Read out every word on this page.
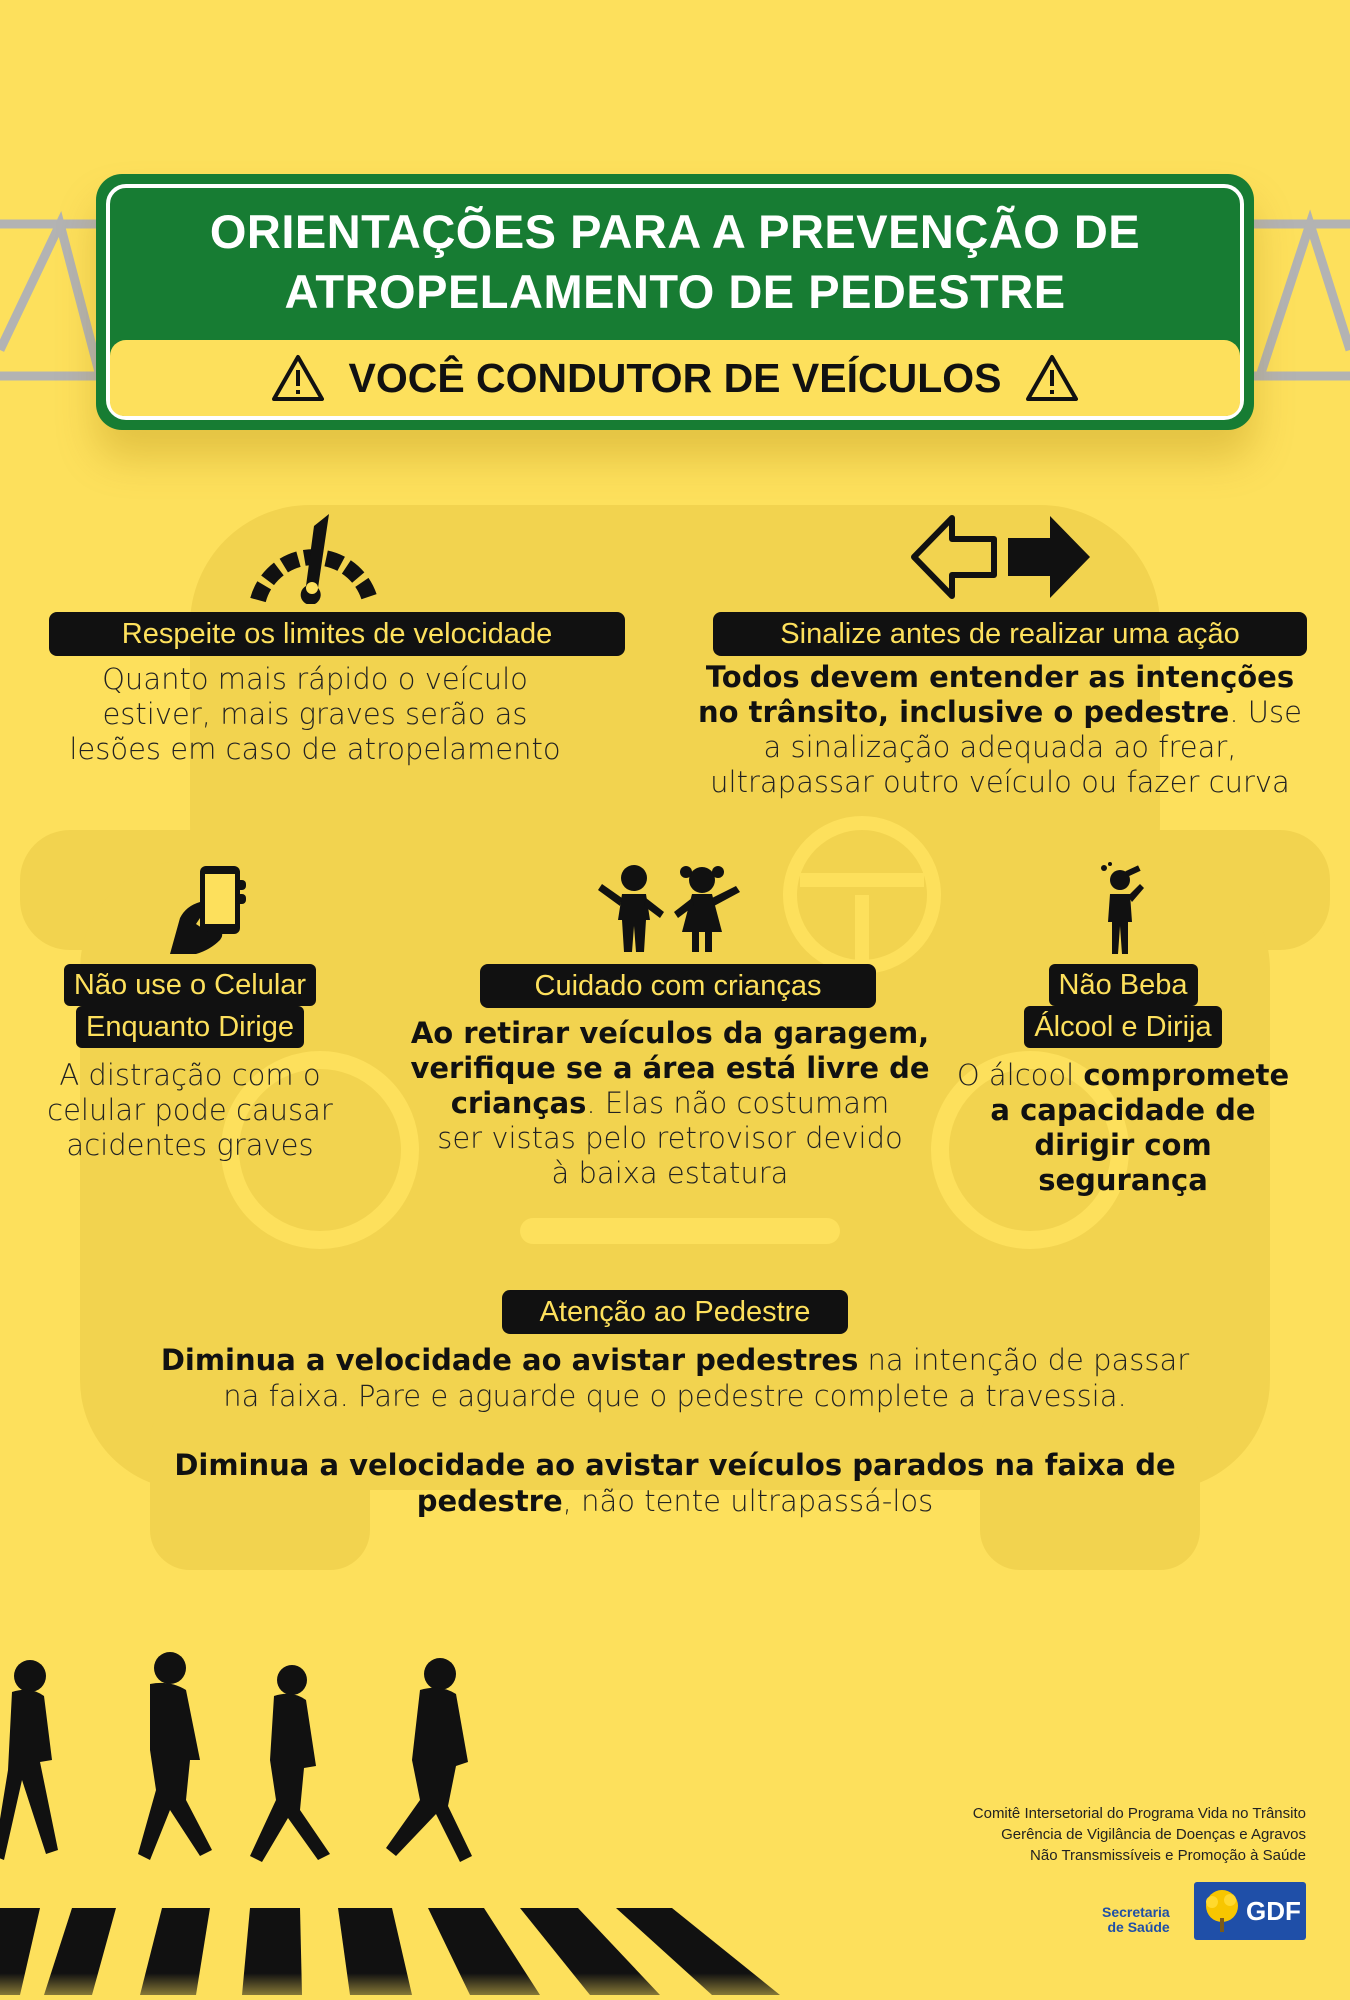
ORIENTAÇÕES PARA A PREVENÇÃO DE
ATROPELAMENTO DE PEDESTRE
VOCÊ CONDUTOR DE VEÍCULOS
Respeite os limites de velocidade
Quanto mais rápido o veículo
estiver, mais graves serão as
lesões em caso de atropelamento
Sinalize antes de realizar uma ação
Todos devem entender as intenções
no trânsito, inclusive o pedestre. Use
a sinalização adequada ao frear,
ultrapassar outro veículo ou fazer curva
Não use o Celular
Enquanto Dirige
A distração com o
celular pode causar
acidentes graves
Cuidado com crianças
Ao retirar veículos da garagem,
verifique se a área está livre de
crianças. Elas não costumam
ser vistas pelo retrovisor devido
à baixa estatura
Não Beba
Álcool e Dirija
O álcool compromete
a capacidade de
dirigir com
segurança
Atenção ao Pedestre
Diminua a velocidade ao avistar pedestres na intenção de passar
na faixa. Pare e aguarde que o pedestre complete a travessia.
Diminua a velocidade ao avistar veículos parados na faixa de
pedestre, não tente ultrapassá-los
Comitê Intersetorial do Programa Vida no Trânsito
Gerência de Vigilância de Doenças e Agravos
Não Transmissíveis e Promoção à Saúde
Secretaria
de Saúde
GDF
